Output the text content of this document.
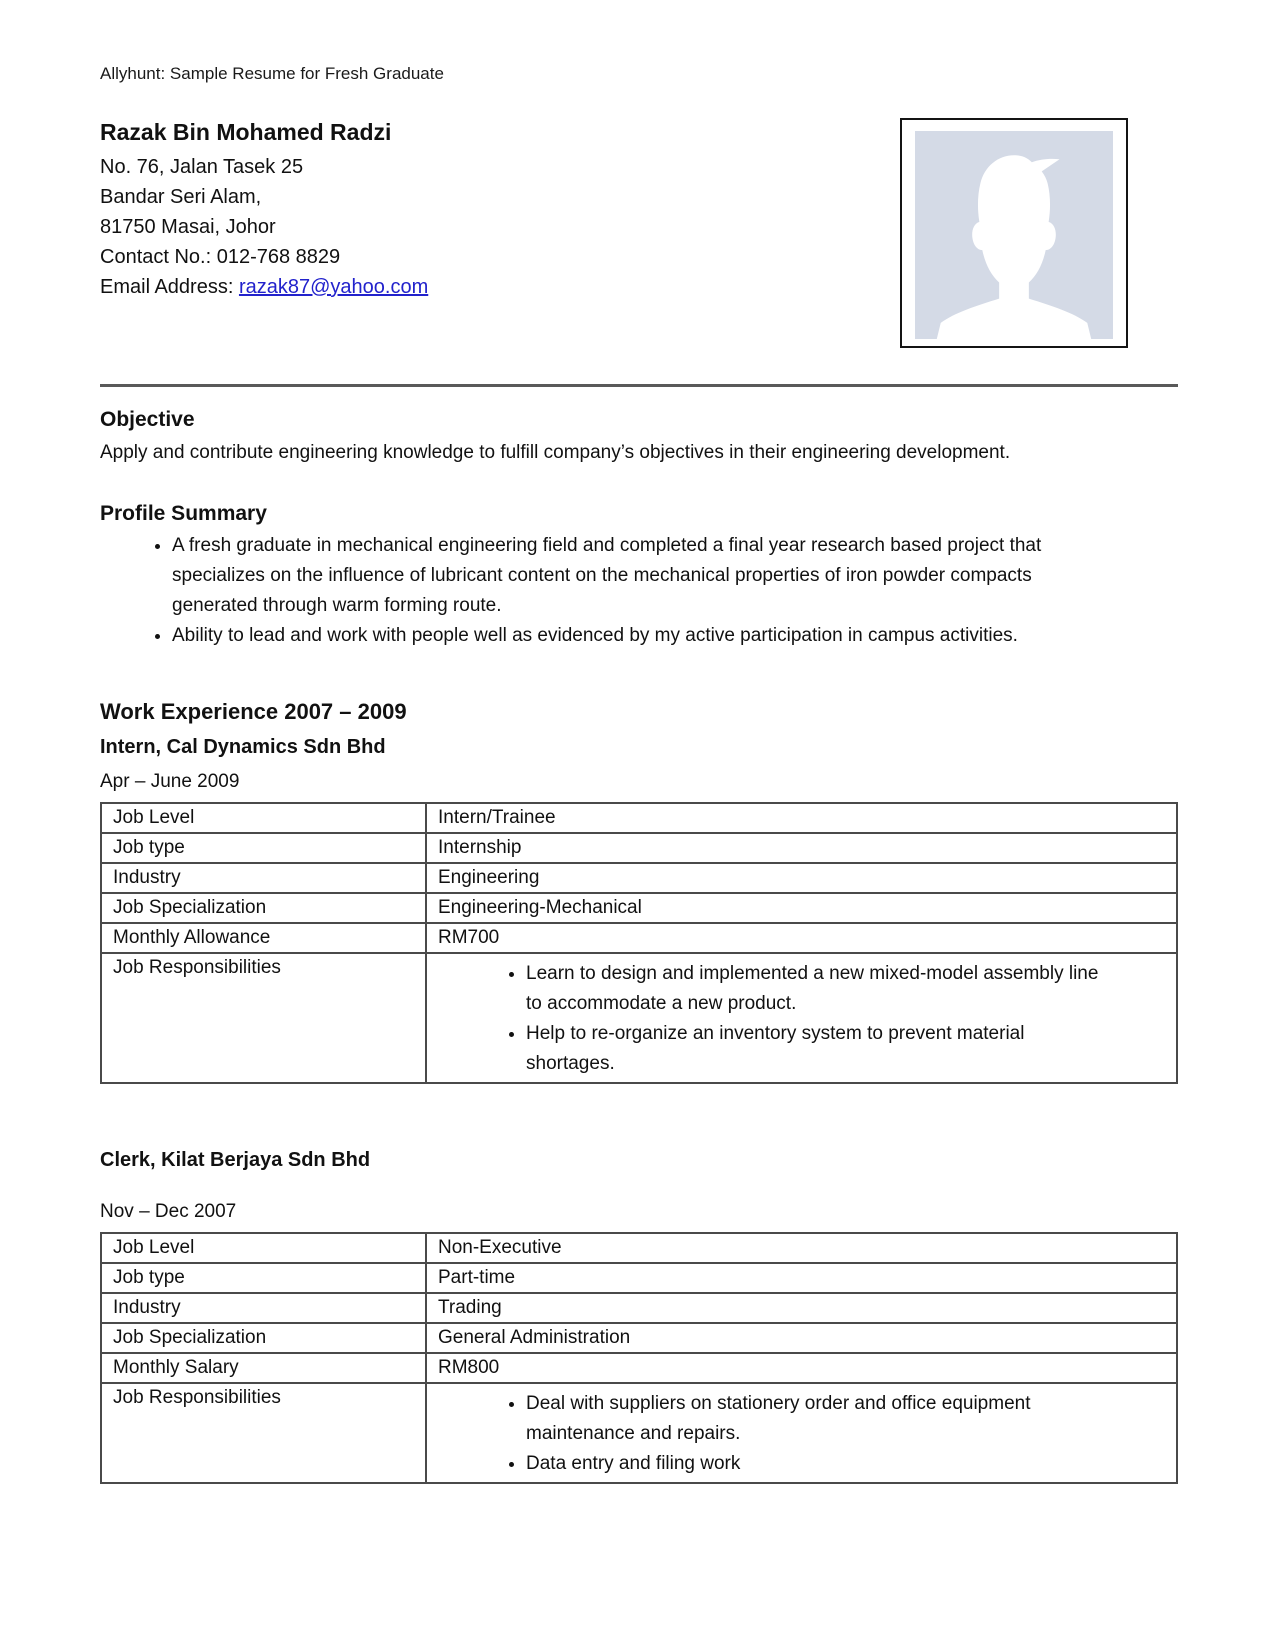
Allyhunt: Sample Resume for Fresh Graduate
Razak Bin Mohamed Radzi
No. 76, Jalan Tasek 25
Bandar Seri Alam,
81750 Masai, Johor
Contact No.: 012-768 8829
Email Address: razak87@yahoo.com
Objective
Apply and contribute engineering knowledge to fulfill company’s objectives in their engineering development.
Profile Summary
• A fresh graduate in mechanical engineering field and completed a final year research based project that specializes on the influence of lubricant content on the mechanical properties of iron powder compacts generated through warm forming route.
• Ability to lead and work with people well as evidenced by my active participation in campus activities.
Work Experience 2007 – 2009
Intern, Cal Dynamics Sdn Bhd
Apr – June 2009
Job Level	Intern/Trainee
Job type	Internship
Industry	Engineering
Job Specialization	Engineering-Mechanical
Monthly Allowance	RM700
Job Responsibilities	
•Learn to design and implemented a new mixed-model assembly line to accommodate a new product.
• Help to re-organize an inventory system to prevent material shortages.
Clerk, Kilat Berjaya Sdn Bhd
Nov – Dec 2007
Job Level	Non-Executive
Job type	Part-time
Industry	Trading
Job Specialization	General Administration
Monthly Salary	RM800
Job Responsibilities	
•Deal with suppliers on stationery order and office equipment maintenance and repairs.
• Data entry and filing work
